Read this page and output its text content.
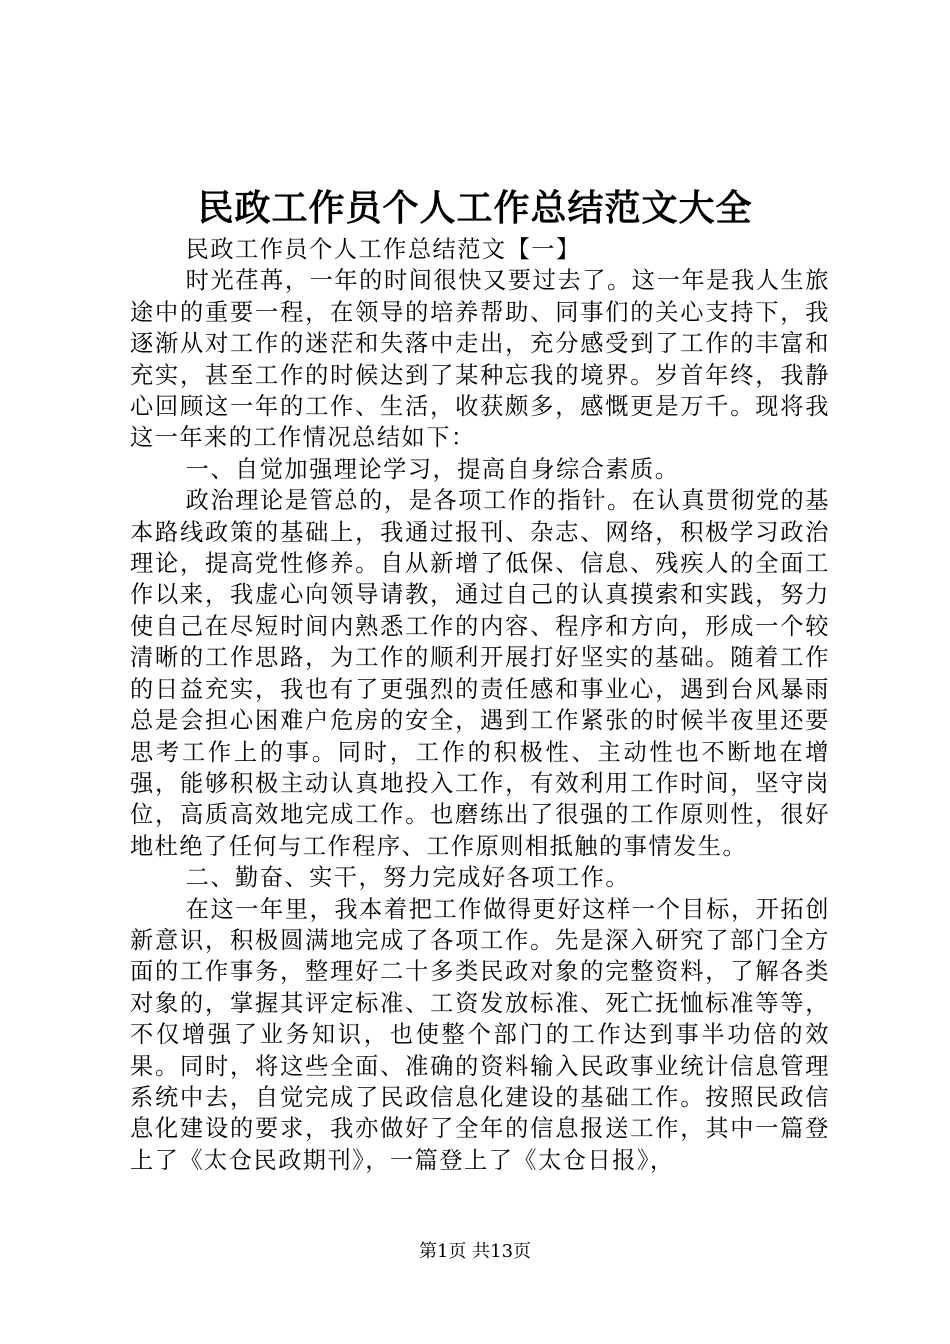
民政工作员个人工作总结范文大全

民政工作员个人工作总结范文【一】

时光荏苒，一年的时间很快又要过去了。这一年是我人生旅途中的重要一程，在领导的培养帮助、同事们的关心支持下，我逐渐从对工作的迷茫和失落中走出，充分感受到了工作的丰富和充实，甚至工作的时候达到了某种忘我的境界。岁首年终，我静心回顾这一年的工作、生活，收获颇多，感慨更是万千。现将我这一年来的工作情况总结如下：

一、自觉加强理论学习，提高自身综合素质。

政治理论是管总的，是各项工作的指针。在认真贯彻党的基本路线政策的基础上，我通过报刊、杂志、网络，积极学习政治理论，提高党性修养。自从新增了低保、信息、残疾人的全面工作以来，我虚心向领导请教，通过自己的认真摸索和实践，努力使自己在尽短时间内熟悉工作的内容、程序和方向，形成一个较清晰的工作思路，为工作的顺利开展打好坚实的基础。随着工作的日益充实，我也有了更强烈的责任感和事业心，遇到台风暴雨总是会担心困难户危房的安全，遇到工作紧张的时候半夜里还要思考工作上的事。同时，工作的积极性、主动性也不断地在增强，能够积极主动认真地投入工作，有效利用工作时间，坚守岗位，高质高效地完成工作。也磨练出了很强的工作原则性，很好地杜绝了任何与工作程序、工作原则相抵触的事情发生。

二、勤奋、实干，努力完成好各项工作。

在这一年里，我本着把工作做得更好这样一个目标，开拓创新意识，积极圆满地完成了各项工作。先是深入研究了部门全方面的工作事务，整理好二十多类民政对象的完整资料，了解各类对象的，掌握其评定标准、工资发放标准、死亡抚恤标准等等，不仅增强了业务知识，也使整个部门的工作达到事半功倍的效果。同时，将这些全面、准确的资料输入民政事业统计信息管理系统中去，自觉完成了民政信息化建设的基础工作。按照民政信息化建设的要求，我亦做好了全年的信息报送工作，其中一篇登上了《太仓民政期刊》，一篇登上了《太仓日报》，

第1页 共13页
